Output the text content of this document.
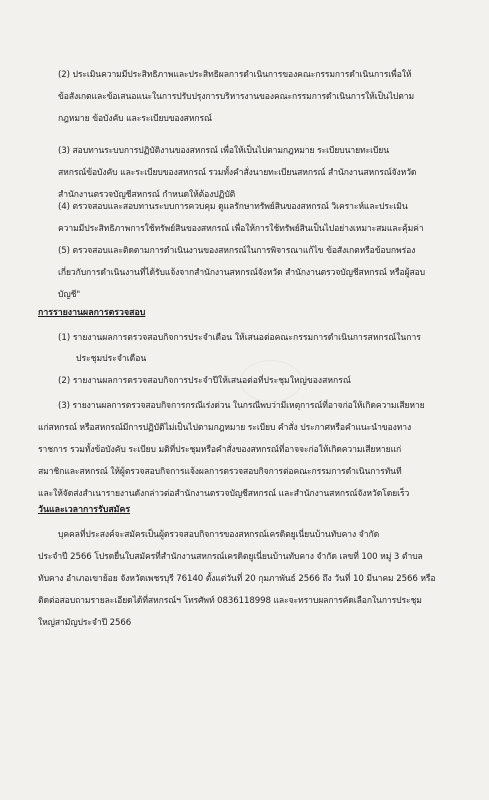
(2) ประเมินความมีประสิทธิภาพและประสิทธิผลการดำเนินการของคณะกรรมการดำเนินการเพื่อให้
ข้อสังเกตและข้อเสนอแนะในการปรับปรุงการบริหารงานของคณะกรรมการดำเนินการให้เป็นไปตาม
กฎหมาย ข้อบังคับ และระเบียบของสหกรณ์
(3) สอบทานระบบการปฏิบัติงานของสหกรณ์ เพื่อให้เป็นไปตามกฎหมาย ระเบียบนายทะเบียน
สหกรณ์ข้อบังคับ และระเบียบของสหกรณ์ รวมทั้งคำสั่งนายทะเบียนสหกรณ์ สำนักงานสหกรณ์จังหวัด
สำนักงานตรวจบัญชีสหกรณ์ กำหนดให้ต้องปฏิบัติ
(4) ตรวจสอบและสอบทานระบบการควบคุม ดูแลรักษาทรัพย์สินของสหกรณ์ วิเคราะห์และประเมิน
ความมีประสิทธิภาพการใช้ทรัพย์สินของสหกรณ์ เพื่อให้การใช้ทรัพย์สินเป็นไปอย่างเหมาะสมและคุ้มค่า
(5) ตรวจสอบและติดตามการดำเนินงานของสหกรณ์ในการพิจารณาแก้ไข ข้อสังเกตหรือข้อบกพร่อง
เกี่ยวกับการดำเนินงานที่ได้รับแจ้งจากสำนักงานสหกรณ์จังหวัด สำนักงานตรวจบัญชีสหกรณ์ หรือผู้สอบ
บัญชี"
การรายงานผลการตรวจสอบ
(1) รายงานผลการตรวจสอบกิจการประจำเดือน ให้เสนอต่อคณะกรรมการดำเนินการสหกรณ์ในการ
ประชุมประจำเดือน
(2) รายงานผลการตรวจสอบกิจการประจำปีให้เสนอต่อที่ประชุมใหญ่ของสหกรณ์
(3) รายงานผลการตรวจสอบกิจการกรณีเร่งด่วน ในกรณีพบว่ามีเหตุการณ์ที่อาจก่อให้เกิดความเสียหาย
แก่สหกรณ์ หรือสหกรณ์มีการปฏิบัติไม่เป็นไปตามกฎหมาย ระเบียบ คำสั่ง ประกาศหรือคำแนะนำของทาง
ราชการ รวมทั้งข้อบังคับ ระเบียบ มติที่ประชุมหรือคำสั่งของสหกรณ์ที่อาจจะก่อให้เกิดความเสียหายแก่
สมาชิกและสหกรณ์ ให้ผู้ตรวจสอบกิจการแจ้งผลการตรวจสอบกิจการต่อคณะกรรมการดำเนินการทันที
และให้จัดส่งสำเนารายงานดังกล่าวต่อสำนักงานตรวจบัญชีสหกรณ์ และสำนักงานสหกรณ์จังหวัดโดยเร็ว
วันและเวลาการรับสมัคร
บุคคลที่ประสงค์จะสมัครเป็นผู้ตรวจสอบกิจการของสหกรณ์เครดิตยูเนี่ยนบ้านทับคาง จำกัด
ประจำปี 2566 โปรดยื่นใบสมัครที่สำนักงานสหกรณ์เครดิตยูเนี่ยนบ้านทับคาง จำกัด เลขที่ 100 หมู่ 3 ตำบล
ทับคาง อำเภอเขาย้อย จังหวัดเพชรบุรี 76140 ตั้งแต่วันที่ 20 กุมภาพันธ์ 2566 ถึง วันที่ 10 มีนาคม 2566 หรือ
ติดต่อสอบถามรายละเอียดได้ที่สหกรณ์ฯ โทรศัพท์ 0836118998 และจะทราบผลการคัดเลือกในการประชุม
ใหญ่สามัญประจำปี 2566
